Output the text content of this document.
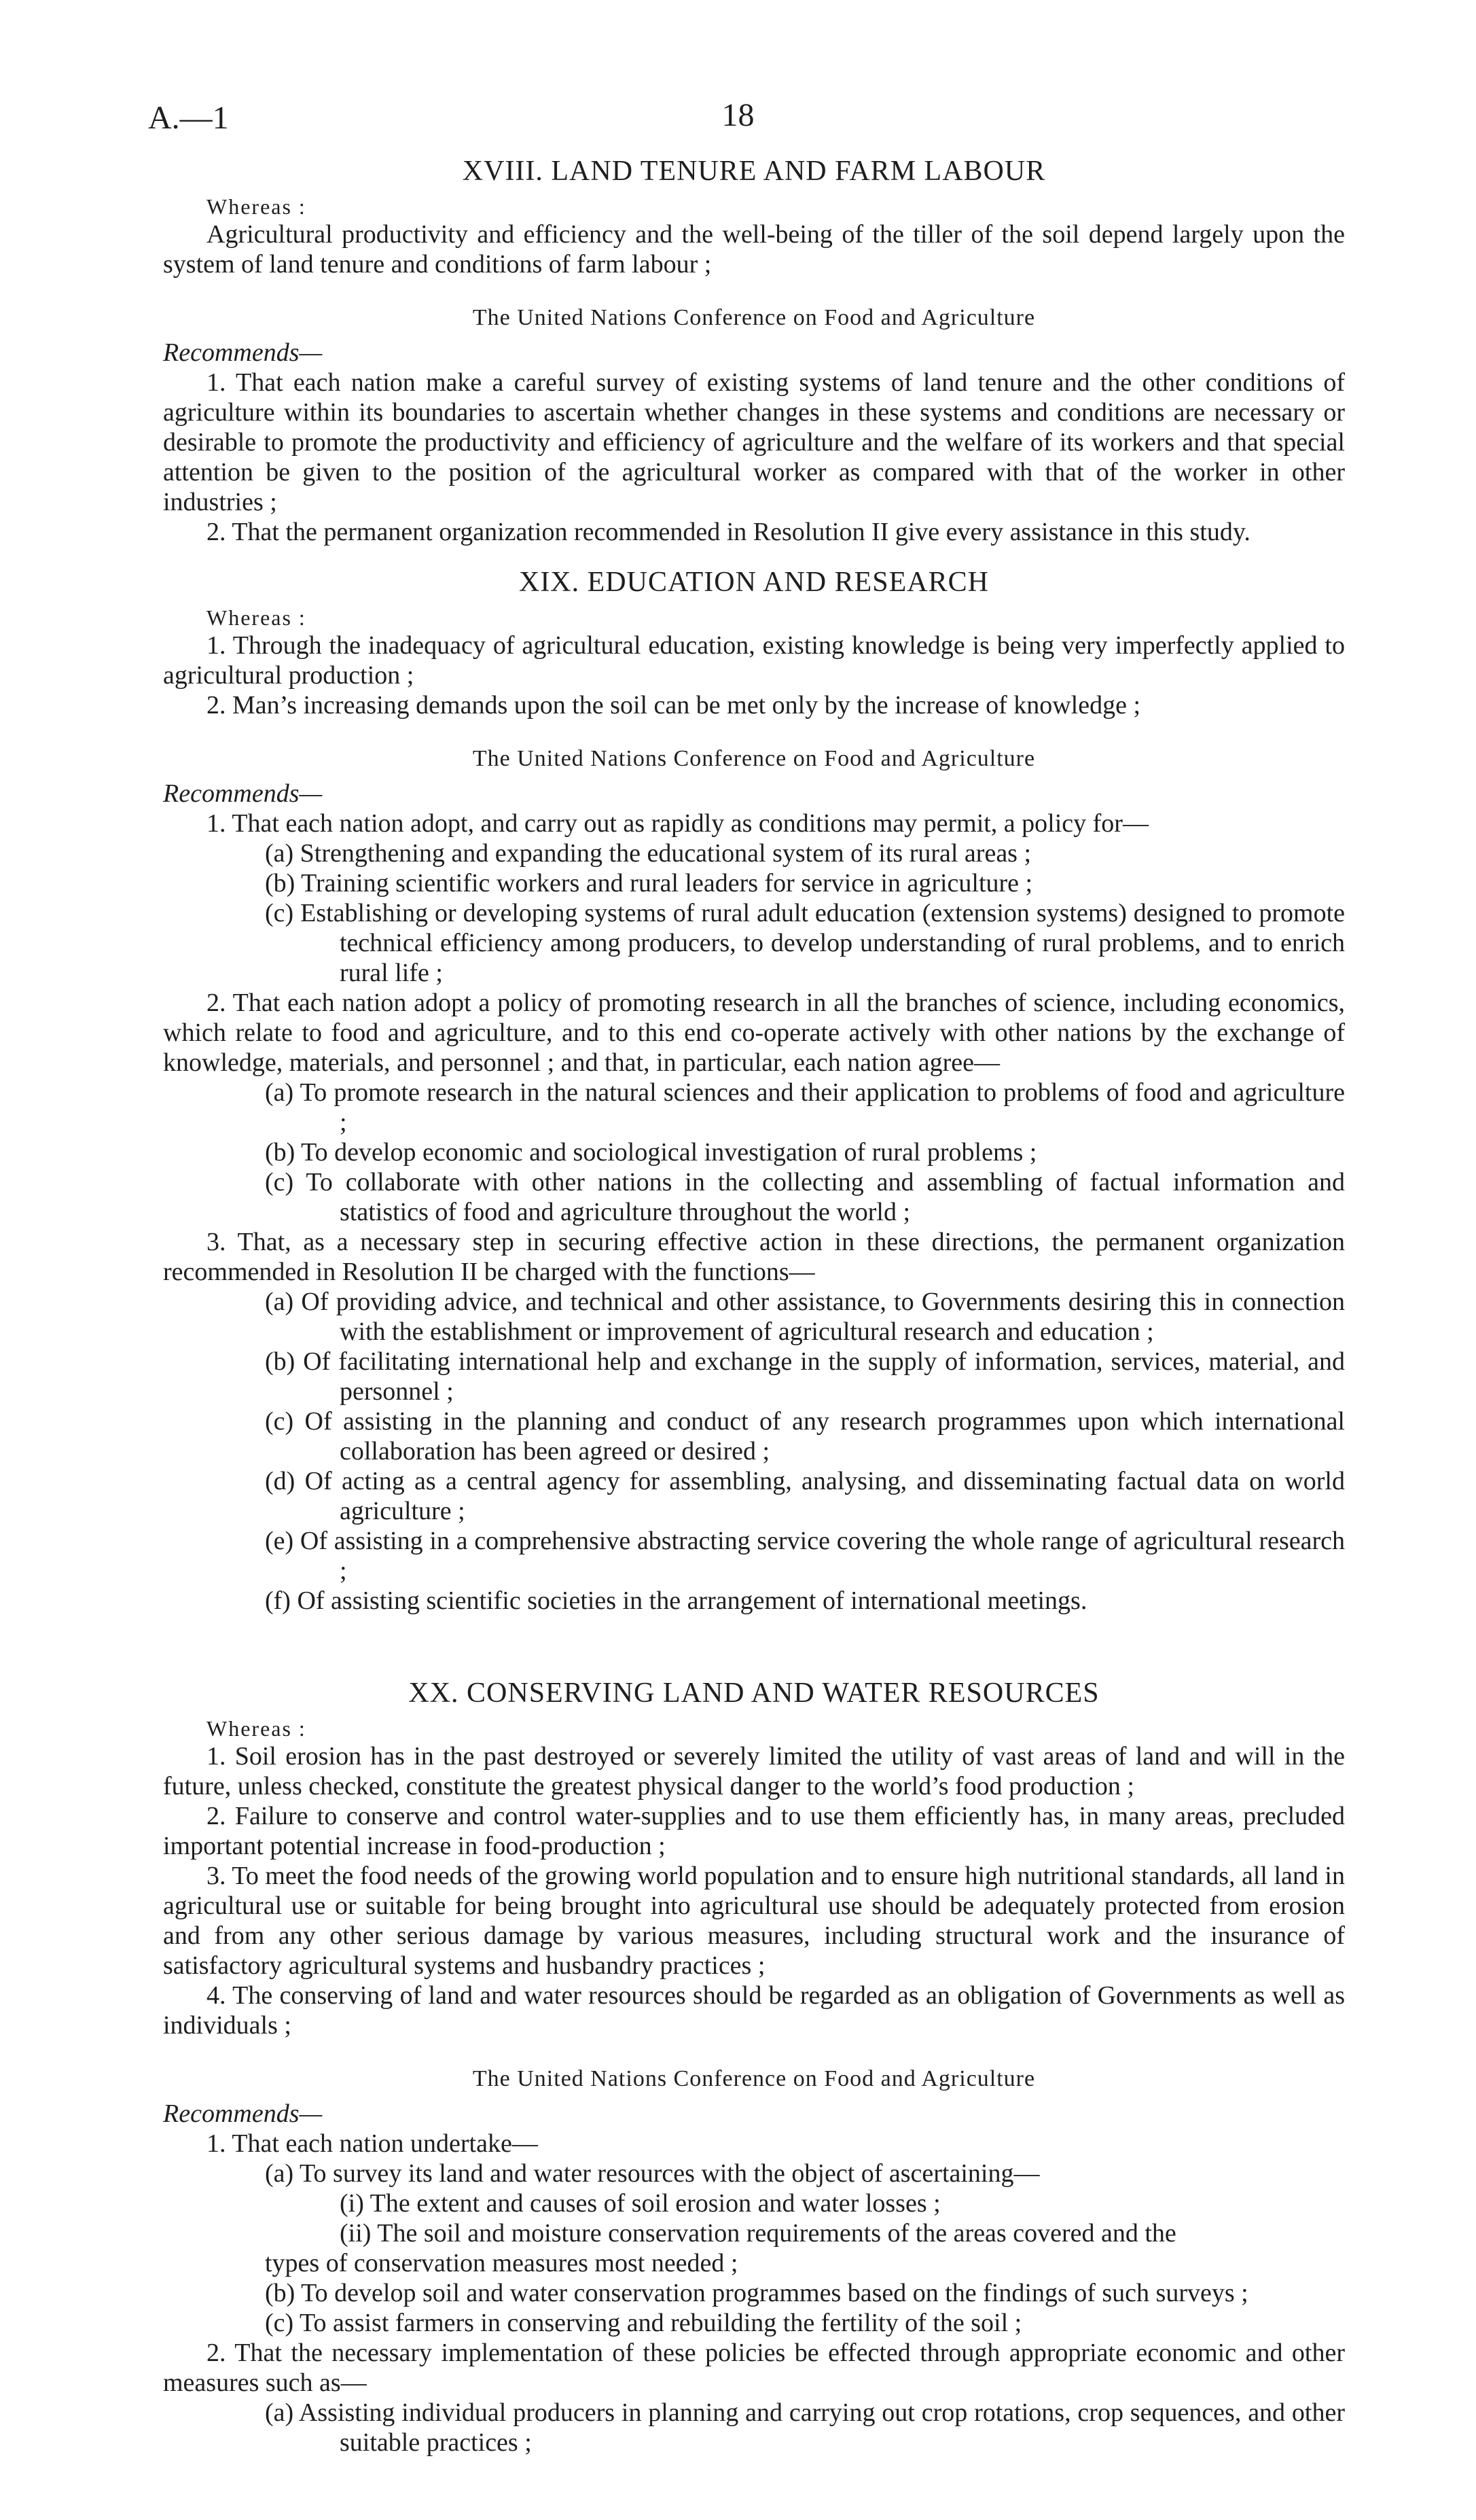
A.—1	18
XVIII. LAND TENURE AND FARM LABOUR
Whereas :

Agricultural productivity and efficiency and the well-being of the tiller of the soil depend largely upon the system of land tenure and conditions of farm labour ;

The United Nations Conference on Food and Agriculture
Recommends—

1. That each nation make a careful survey of existing systems of land tenure and the other conditions of agriculture within its boundaries to ascertain whether changes in these systems and conditions are necessary or desirable to promote the productivity and efficiency of agriculture and the welfare of its workers and that special attention be given to the position of the agricultural worker as compared with that of the worker in other industries ;

2. That the permanent organization recommended in Resolution II give every assistance in this study.

XIX. EDUCATION AND RESEARCH
Whereas :

1. Through the inadequacy of agricultural education, existing knowledge is being very imperfectly applied to agricultural production ;

2. Man’s increasing demands upon the soil can be met only by the increase of knowledge ;

The United Nations Conference on Food and Agriculture
Recommends—

1. That each nation adopt, and carry out as rapidly as conditions may permit, a policy for—

(a) Strengthening and expanding the educational system of its rural areas ;
(b) Training scientific workers and rural leaders for service in agriculture ;
(c) Establishing or developing systems of rural adult education (extension systems) designed to promote technical efficiency among producers, to develop understanding of rural problems, and to enrich rural life ;

2. That each nation adopt a policy of promoting research in all the branches of science, including economics, which relate to food and agriculture, and to this end co-operate actively with other nations by the exchange of knowledge, materials, and personnel ; and that, in particular, each nation agree—

(a) To promote research in the natural sciences and their application to problems of food and agriculture ;
(b) To develop economic and sociological investigation of rural problems ;
(c) To collaborate with other nations in the collecting and assembling of factual information and statistics of food and agriculture throughout the world ;

3. That, as a necessary step in securing effective action in these directions, the permanent organization recommended in Resolution II be charged with the functions—

(a) Of providing advice, and technical and other assistance, to Governments desiring this in connection with the establishment or improvement of agricultural research and education ;
(b) Of facilitating international help and exchange in the supply of information, services, material, and personnel ;
(c) Of assisting in the planning and conduct of any research programmes upon which international collaboration has been agreed or desired ;
(d) Of acting as a central agency for assembling, analysing, and disseminating factual data on world agriculture ;
(e) Of assisting in a comprehensive abstracting service covering the whole range of agricultural research ;
(f) Of assisting scientific societies in the arrangement of international meetings.
XX. CONSERVING LAND AND WATER RESOURCES
Whereas :

1. Soil erosion has in the past destroyed or severely limited the utility of vast areas of land and will in the future, unless checked, constitute the greatest physical danger to the world’s food production ;

2. Failure to conserve and control water-supplies and to use them efficiently has, in many areas, precluded important potential increase in food-production ;

3. To meet the food needs of the growing world population and to ensure high nutritional standards, all land in agricultural use or suitable for being brought into agricultural use should be adequately protected from erosion and from any other serious damage by various measures, including structural work and the insurance of satisfactory agricultural systems and husbandry practices ;

4. The conserving of land and water resources should be regarded as an obligation of Governments as well as individuals ;

The United Nations Conference on Food and Agriculture
Recommends—

1. That each nation undertake—

(a) To survey its land and water resources with the object of ascertaining—
(i) The extent and causes of soil erosion and water losses ;
(ii) The soil and moisture conservation requirements of the areas covered and the
types of conservation measures most needed ;
(b) To develop soil and water conservation programmes based on the findings of such surveys ;
(c) To assist farmers in conserving and rebuilding the fertility of the soil ;

2. That the necessary implementation of these policies be effected through appropriate economic and other measures such as—

(a) Assisting individual producers in planning and carrying out crop rotations, crop sequences, and other suitable practices ;
